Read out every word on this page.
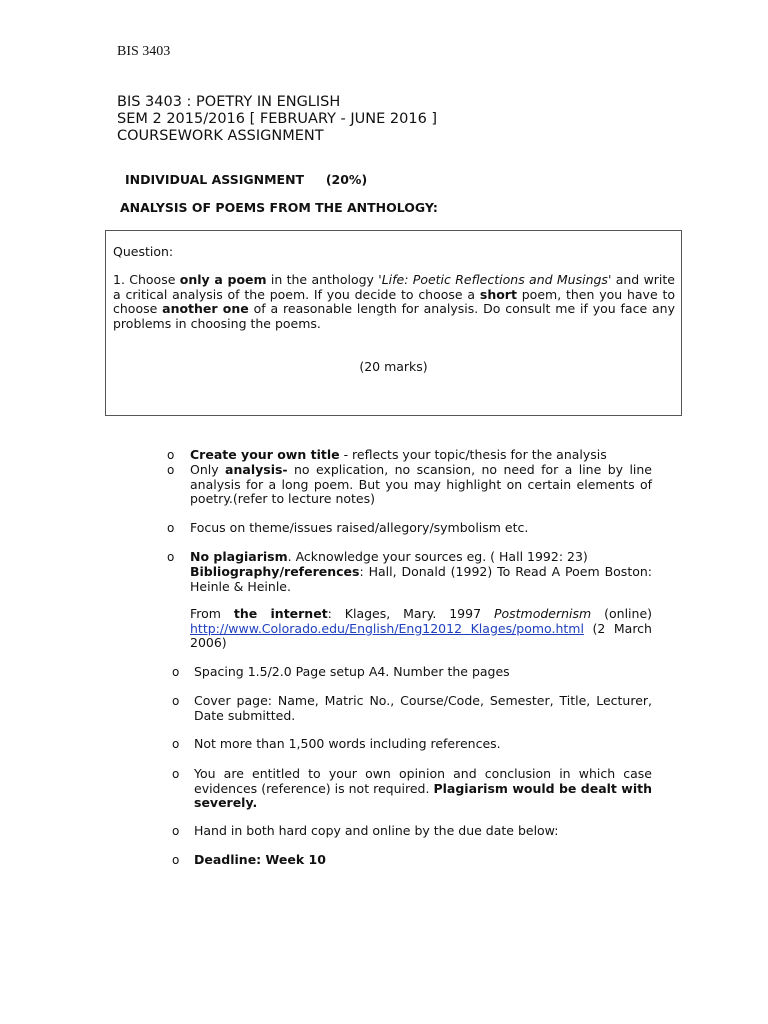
BIS 3403
BIS 3403 : POETRY IN ENGLISH
SEM 2 2015/2016 [ FEBRUARY - JUNE 2016 ]
COURSEWORK ASSIGNMENT
INDIVIDUAL ASSIGNMENT (20%)
ANALYSIS OF POEMS FROM THE ANTHOLOGY:
Question:
1. Choose only a poem in the anthology 'Life: Poetic Reflections and Musings' and write a critical analysis of the poem. If you decide to choose a short poem, then you have to choose another one of a reasonable length for analysis. Do consult me if you face any problems in choosing the poems.
(20 marks)
o Create your own title - reflects your topic/thesis for the analysis
o Only analysis- no explication, no scansion, no need for a line by line analysis for a long poem. But you may highlight on certain elements of poetry.(refer to lecture notes)
o Focus on theme/issues raised/allegory/symbolism etc.
o No plagiarism. Acknowledge your sources eg. ( Hall 1992: 23)
Bibliography/references: Hall, Donald (1992) To Read A Poem Boston: Heinle & Heinle.
From the internet: Klages, Mary. 1997 Postmodernism (online) http://www.Colorado.edu/English/Eng12012 Klages/pomo.html (2 March 2006)
o Spacing 1.5/2.0 Page setup A4. Number the pages
o Cover page: Name, Matric No., Course/Code, Semester, Title, Lecturer, Date submitted.
o Not more than 1,500 words including references.
o You are entitled to your own opinion and conclusion in which case evidences (reference) is not required. Plagiarism would be dealt with severely.
o Hand in both hard copy and online by the due date below:
o Deadline: Week 10
